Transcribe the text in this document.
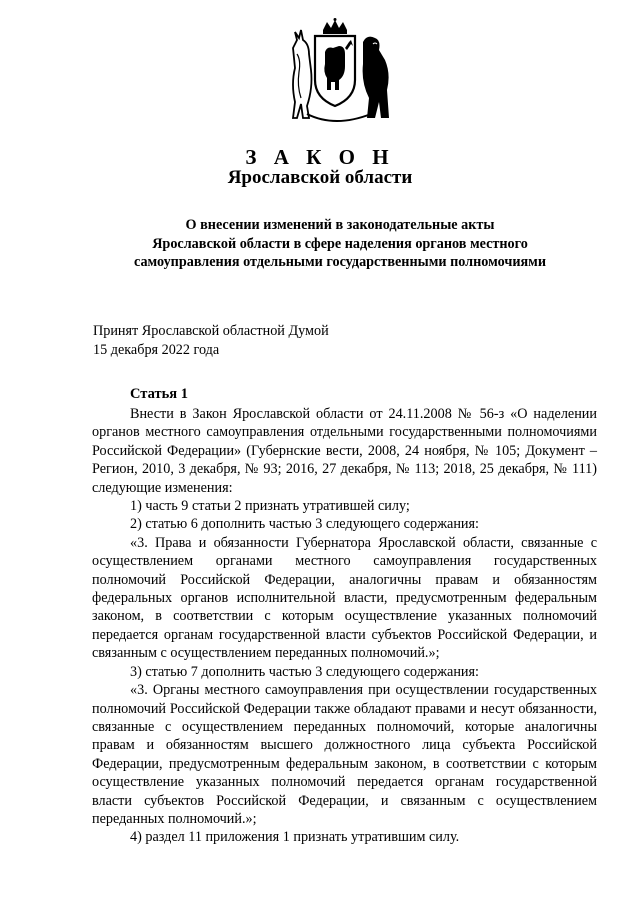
З А К О Н
Ярославской области
О внесении изменений в законодательные акты
Ярославской области в сфере наделения органов местного
самоуправления отдельными государственными полномочиями
Принят Ярославской областной Думой
15 декабря 2022 года
Статья 1

Внести в Закон Ярославской области от 24.11.2008 № 56-з «О наделении органов местного самоуправления отдельными государственными полномочиями Российской Федерации» (Губернские вести, 2008, 24 ноября, № 105; Документ – Регион, 2010, 3 декабря, № 93; 2016, 27 декабря, № 113; 2018, 25 декабря, № 111) следующие изменения:

1) часть 9 статьи 2 признать утратившей силу;

2) статью 6 дополнить частью 3 следующего содержания:

«3. Права и обязанности Губернатора Ярославской области, связанные с осуществлением органами местного самоуправления государственных полномочий Российской Федерации, аналогичны правам и обязанностям федеральных органов исполнительной власти, предусмотренным федеральным законом, в соответствии с которым осуществление указанных полномочий передается органам государственной власти субъектов Российской Федерации, и связанным с осуществлением переданных полномочий.»;

3) статью 7 дополнить частью 3 следующего содержания:

«3. Органы местного самоуправления при осуществлении государственных полномочий Российской Федерации также обладают правами и несут обязанности, связанные с осуществлением переданных полномочий, которые аналогичны правам и обязанностям высшего должностного лица субъекта Российской Федерации, предусмотренным федеральным законом, в соответствии с которым осуществление указанных полномочий передается органам государственной власти субъектов Российской Федерации, и связанным с осуществлением переданных полномочий.»;

4) раздел 11 приложения 1 признать утратившим силу.
